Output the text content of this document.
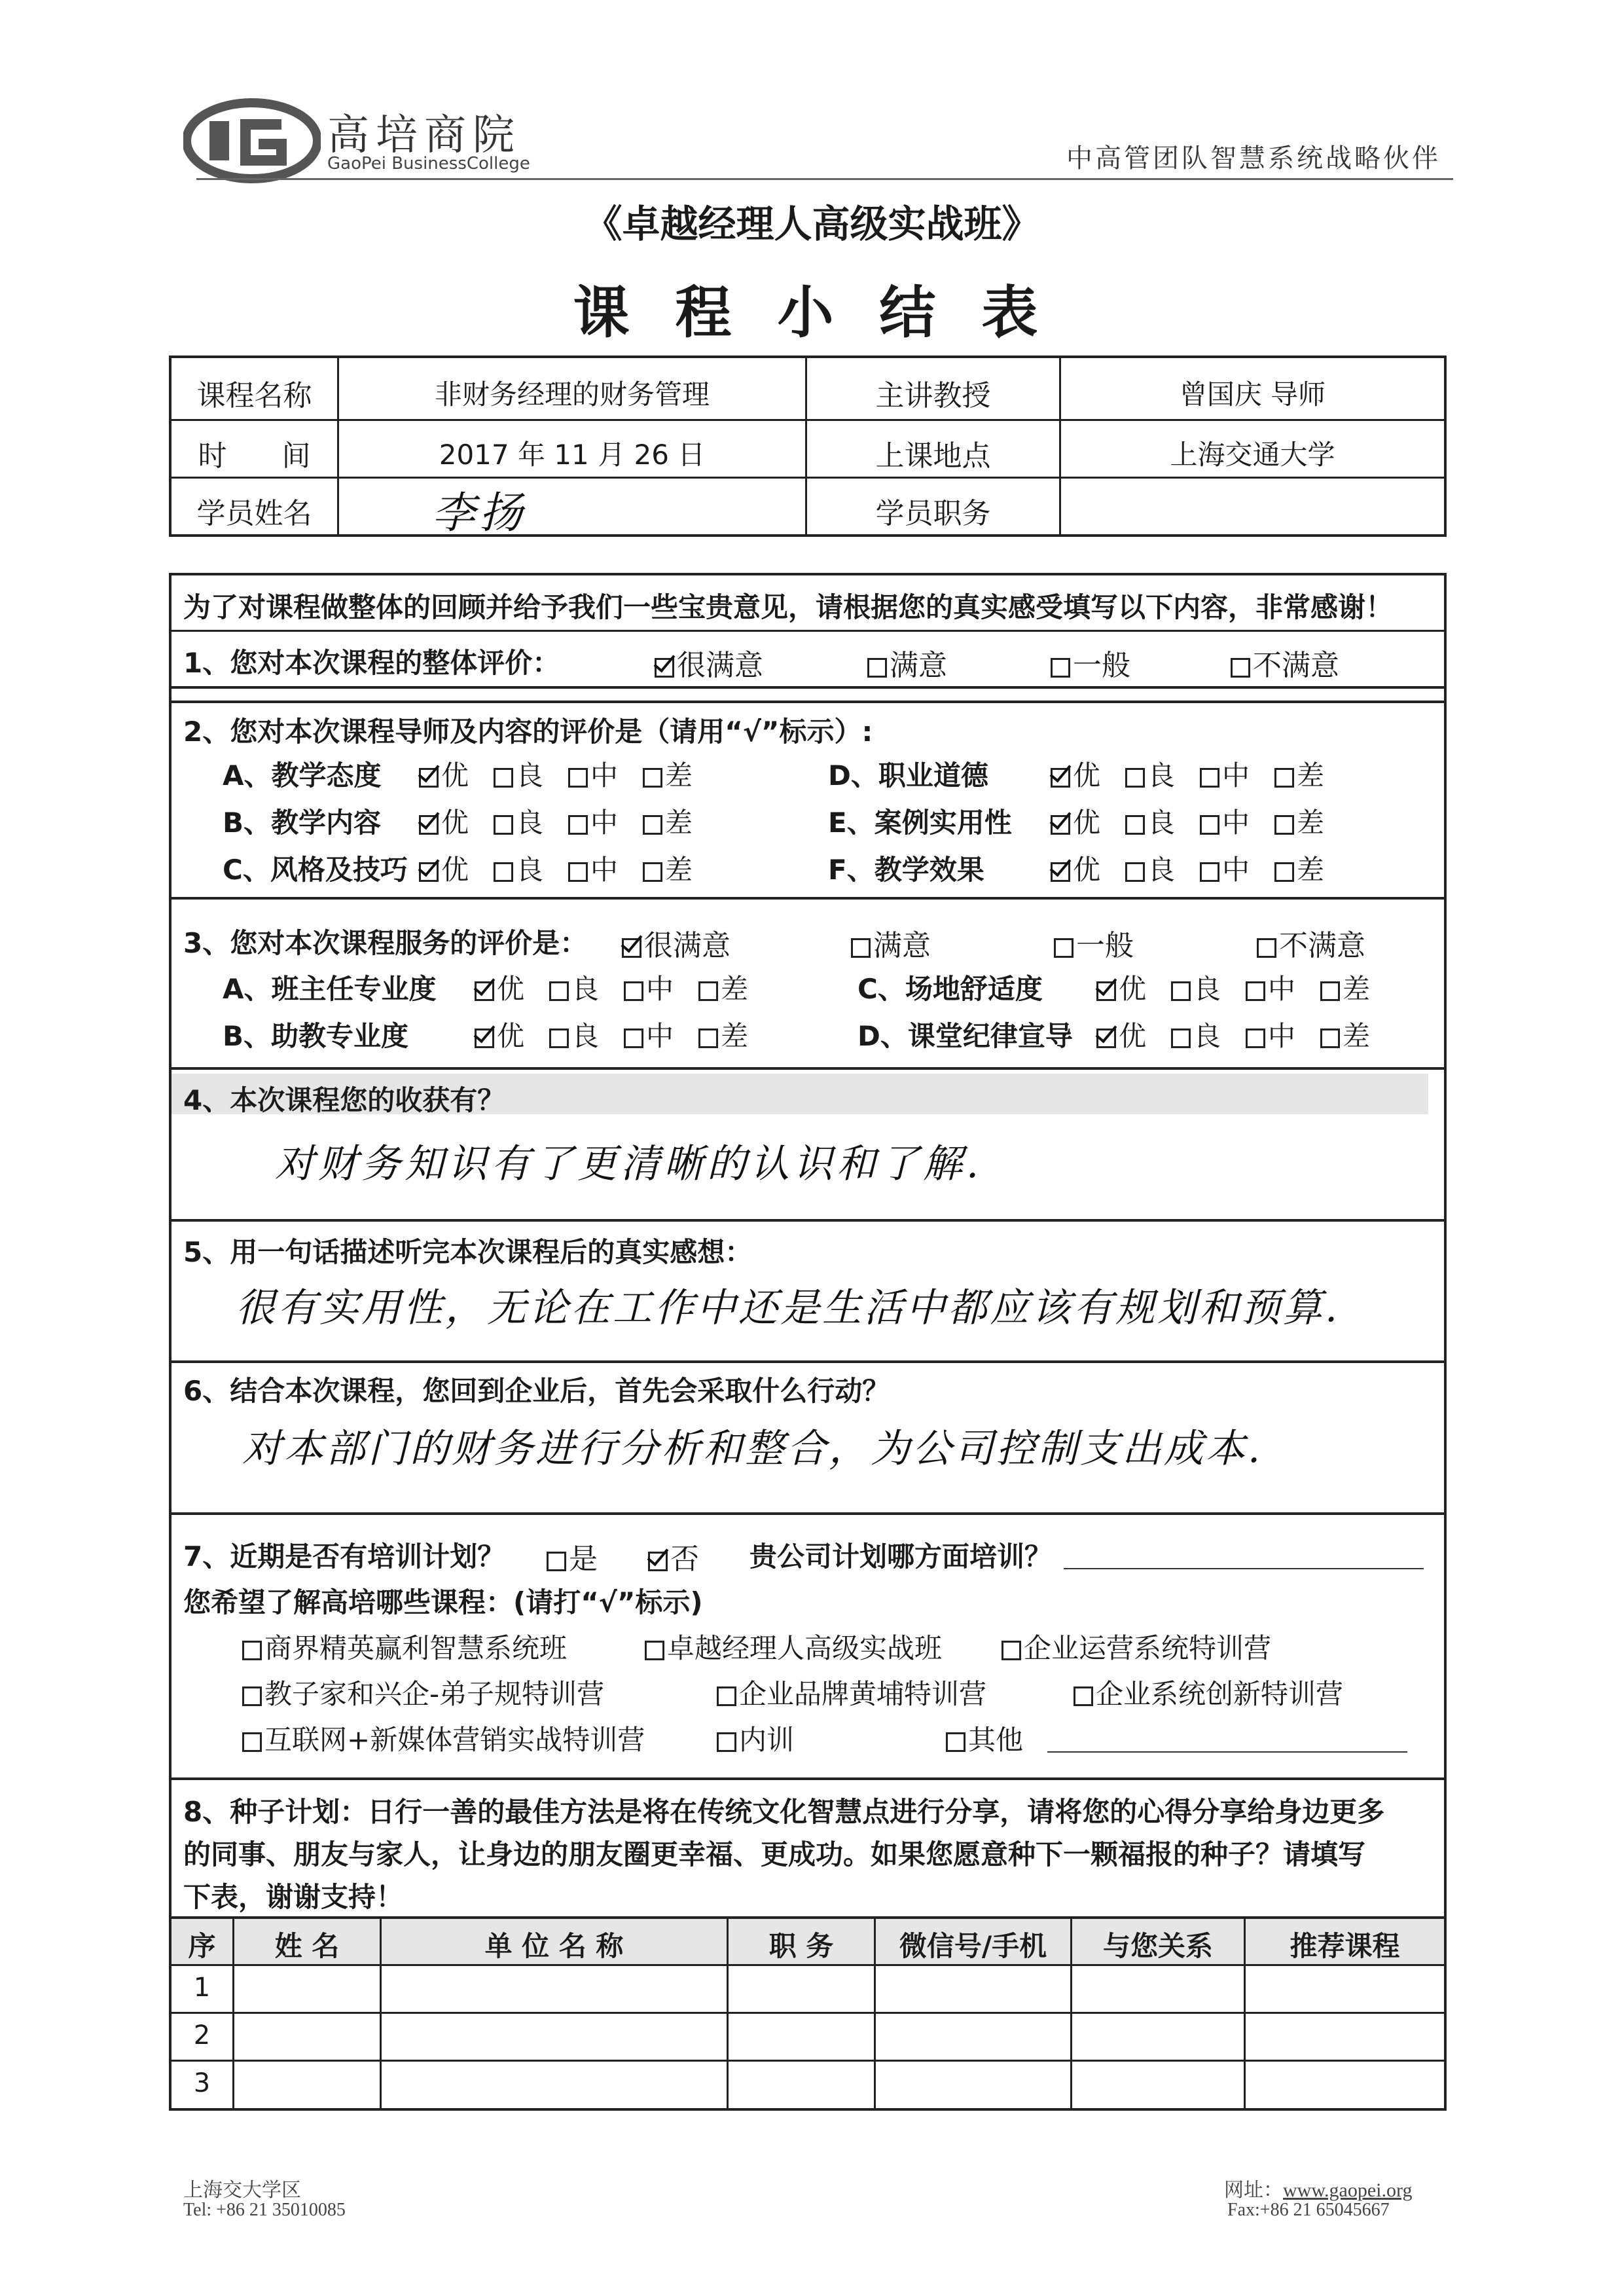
高培商院
GaoPei BusinessCollege	中高管团队智慧系统战略伙伴
《卓越经理人高级实战班》
课 程 小 结 表
课程名称	非财务经理的财务管理	主讲教授	曾国庆 导师
时      间	2017 年 11 月 26 日	上课地点	上海交通大学
学员姓名	李扬	学员职务
为了对课程做整体的回顾并给予我们一些宝贵意见，请根据您的真实感受填写以下内容，非常感谢！
1、您对本次课程的整体评价：	很满意	满意	一般	不满意
2、您对本次课程导师及内容的评价是（请用“√”标示）:
A、教学态度 优 良 中 差
B、教学内容 优 良 中 差
C、风格及技巧 优 良 中 差
D、职业道德	优 良 中 差
E、案例实用性 优 良 中 差
F、教学效果	优 良 中 差
3、您对本次课程服务的评价是：	很满意	满意	一般	不满意
A、班主任专业度 优 良 中 差
B、助教专业度	优 良 中 差
C、场地舒适度	优 良 中 差
D、课堂纪律宣导 优 良 中 差
4、本次课程您的收获有？
对财务知识有了更清晰的认识和了解.
5、用一句话描述听完本次课程后的真实感想：
很有实用性，无论在工作中还是生活中都应该有规划和预算.
6、结合本次课程，您回到企业后，首先会采取什么行动？
对本部门的财务进行分析和整合，为公司控制支出成本.
7、近期是否有培训计划？	是	否 贵公司计划哪方面培训？
您希望了解高培哪些课程：(请打“√”标示)
商界精英赢利智慧系统班	卓越经理人高级实战班	企业运营系统特训营
教子家和兴企-弟子规特训营	企业品牌黄埔特训营	企业系统创新特训营
互联网+新媒体营销实战特训营	内训	其他
8、种子计划：日行一善的最佳方法是将在传统文化智慧点进行分享，请将您的心得分享给身边更多
的同事、朋友与家人，让身边的朋友圈更幸福、更成功。如果您愿意种下一颗福报的种子？请填写
下表，谢谢支持！
序	姓 名	单 位 名 称	职 务	微信号/手机	与您关系	推荐课程
1
2
3
上海交大学区
Tel: +86 21 35010085
网址：www.gaopei.org
Fax:+86 21 65045667
